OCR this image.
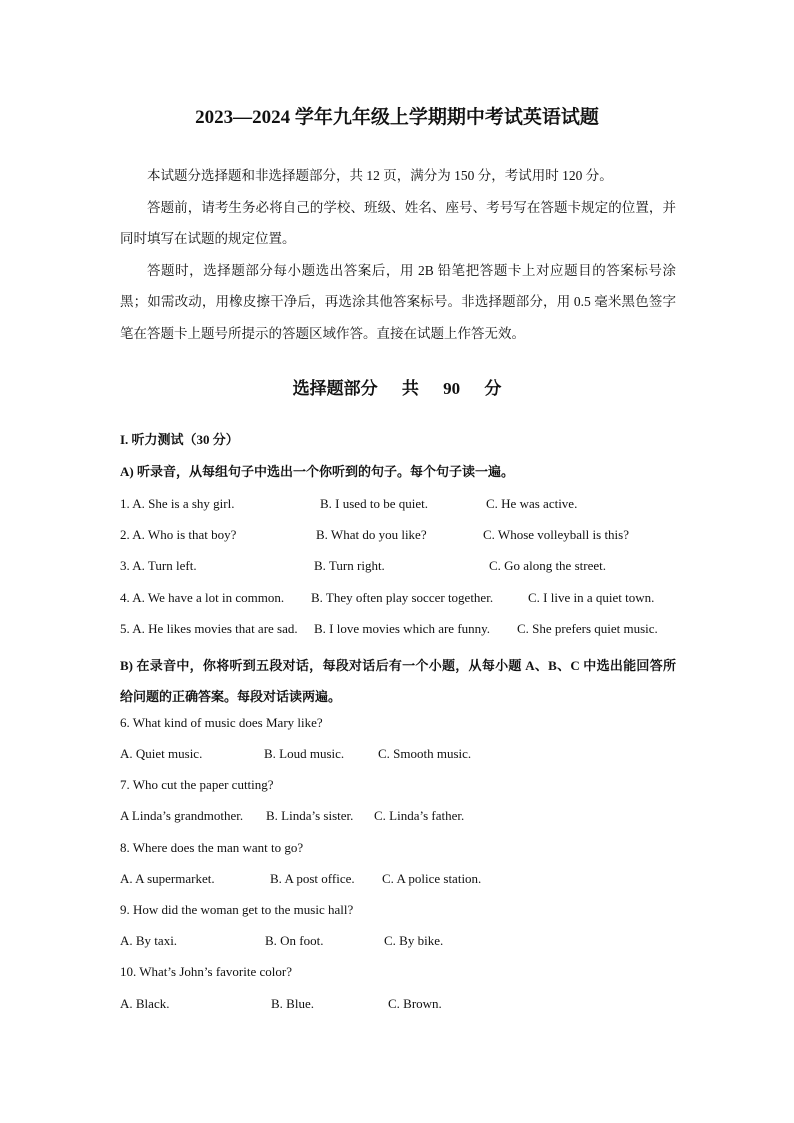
2023—2024 学年九年级上学期期中考试英语试题

本试题分选择题和非选择题部分，共 12 页，满分为 150 分，考试用时 120 分。

答题前，请考生务必将自己的学校、班级、姓名、座号、考号写在答题卡规定的位置，并同时填写在试题的规定位置。

答题时，选择题部分每小题选出答案后，用 2B 铅笔把答题卡上对应题目的答案标号涂黑；如需改动，用橡皮擦干净后，再选涂其他答案标号。非选择题部分，用 0.5 毫米黑色签字笔在答题卡上题号所提示的答题区域作答。直接在试题上作答无效。

选择题部分 共 90 分
I. 听力测试（30 分）
A) 听录音，从每组句子中选出一个你听到的句子。每个句子读一遍。
1. A. She is a shy girl.	B. I used to be quiet.	C. He was active.
2. A. Who is that boy?	B. What do you like?	C. Whose volleyball is this?
3. A. Turn left.	B. Turn right.	C. Go along the street.
4. A. We have a lot in common. B. They often play soccer together.	C. I live in a quiet town.
5. A. He likes movies that are sad. B. I love movies which are funny. C. She prefers quiet music.
B) 在录音中，你将听到五段对话，每段对话后有一个小题，从每小题 A、B、C 中选出能回答所给问题的正确答案。每段对话读两遍。
6. What kind of music does Mary like?
A. Quiet music.	B. Loud music.	C. Smooth music.
7. Who cut the paper cutting?
A Linda’s grandmother. B. Linda’s sister. C. Linda’s father.
8. Where does the man want to go?
A. A supermarket.	B. A post office. C. A police station.
9. How did the woman get to the music hall?
A. By taxi.	B. On foot.	C. By bike.
10. What’s John’s favorite color?
A. Black.	B. Blue.	C. Brown.
